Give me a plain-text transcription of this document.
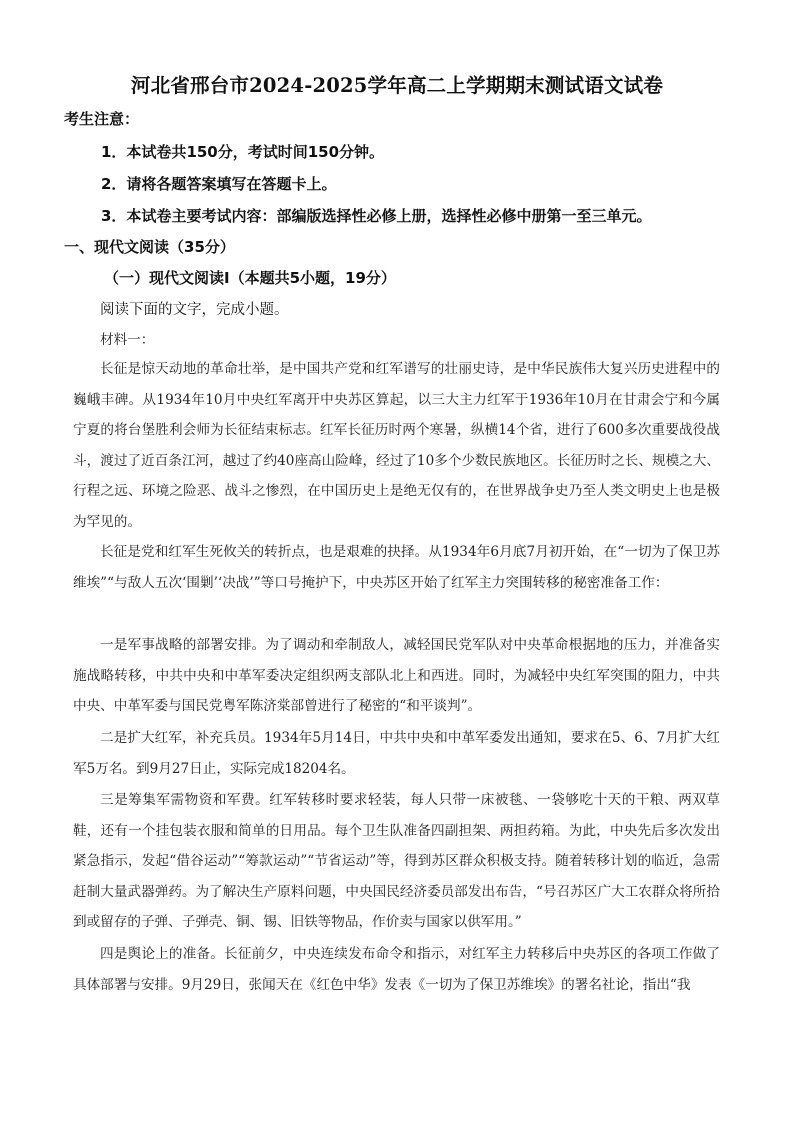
河北省邢台市2024-2025学年高二上学期期末测试语文试卷
考生注意：
1．本试卷共150分，考试时间150分钟。
2．请将各题答案填写在答题卡上。
3．本试卷主要考试内容：部编版选择性必修上册，选择性必修中册第一至三单元。
一、现代文阅读（35分）
（一）现代文阅读Ⅰ（本题共5小题，19分）
阅读下面的文字，完成小题。
材料一：

长征是惊天动地的革命壮举，是中国共产党和红军谱写的壮丽史诗，是中华民族伟大复兴历史进程中的巍峨丰碑。从1934年10月中央红军离开中央苏区算起，以三大主力红军于1936年10月在甘肃会宁和今属宁夏的将台堡胜利会师为长征结束标志。红军长征历时两个寒暑，纵横14个省，进行了600多次重要战役战斗，渡过了近百条江河，越过了约40座高山险峰，经过了10多个少数民族地区。长征历时之长、规模之大、行程之远、环境之险恶、战斗之惨烈，在中国历史上是绝无仅有的，在世界战争史乃至人类文明史上也是极为罕见的。

长征是党和红军生死攸关的转折点，也是艰难的抉择。从1934年6月底7月初开始，在“一切为了保卫苏维埃”“与敌人五次‘围剿’‘决战’”等口号掩护下，中央苏区开始了红军主力突围转移的秘密准备工作：

一是军事战略的部署安排。为了调动和牵制敌人，减轻国民党军队对中央革命根据地的压力，并准备实施战略转移，中共中央和中革军委决定组织两支部队北上和西进。同时，为减轻中央红军突围的阻力，中共中央、中革军委与国民党粤军陈济棠部曾进行了秘密的“和平谈判”。

二是扩大红军，补充兵员。1934年5月14日，中共中央和中革军委发出通知，要求在5、6、7月扩大红军5万名。到9月27日止，实际完成18204名。

三是筹集军需物资和军费。红军转移时要求轻装，每人只带一床被毯、一袋够吃十天的干粮、两双草鞋，还有一个挂包装衣服和简单的日用品。每个卫生队准备四副担架、两担药箱。为此，中央先后多次发出紧急指示，发起“借谷运动”“筹款运动”“节省运动”等，得到苏区群众积极支持。随着转移计划的临近，急需赶制大量武器弹药。为了解决生产原料问题，中央国民经济委员部发出布告，“号召苏区广大工农群众将所拾到或留存的子弹、子弹壳、铜、锡、旧铁等物品，作价卖与国家以供军用。”

四是舆论上的准备。长征前夕，中央连续发布命令和指示，对红军主力转移后中央苏区的各项工作做了具体部署与安排。9月29日，张闻天在《红色中华》发表《一切为了保卫苏维埃》的署名社论，指出“我
